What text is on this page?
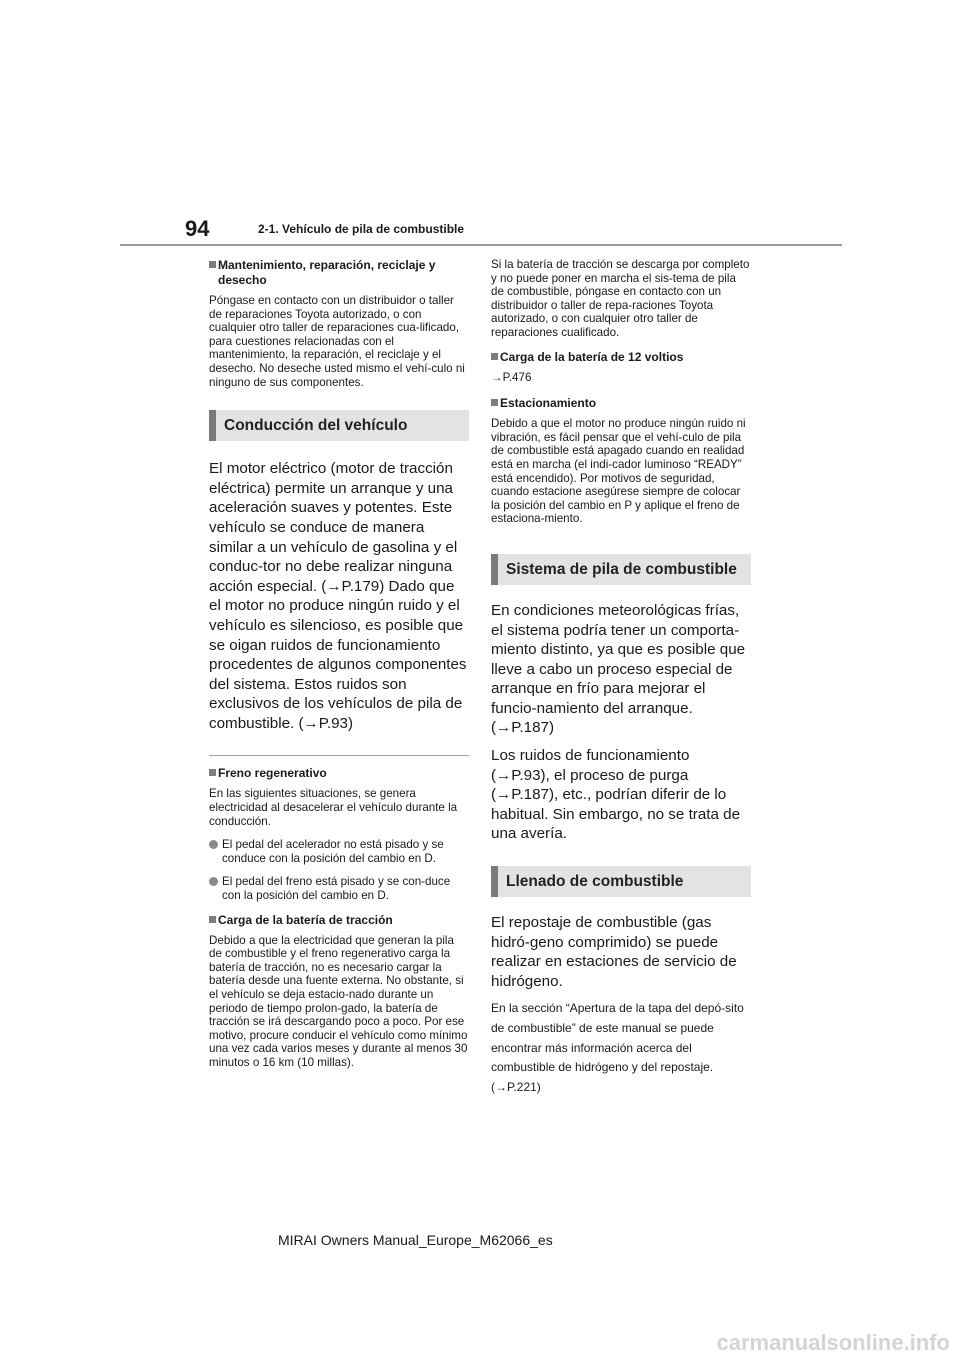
94	2-1. Vehículo de pila de combustible
Mantenimiento, reparación, reciclaje y desecho

Póngase en contacto con un distribuidor o taller de reparaciones Toyota autorizado, o con cualquier otro taller de reparaciones cua-lificado, para cuestiones relacionadas con el mantenimiento, la reparación, el reciclaje y el desecho. No deseche usted mismo el vehí-culo ni ninguno de sus componentes.

Conducción del vehículo

El motor eléctrico (motor de tracción eléctrica) permite un arranque y una aceleración suaves y potentes. Este vehículo se conduce de manera similar a un vehículo de gasolina y el conduc-tor no debe realizar ninguna acción especial. (→P.179) Dado que el motor no produce ningún ruido y el vehículo es silencioso, es posible que se oigan ruidos de funcionamiento procedentes de algunos componentes del sistema. Estos ruidos son exclusivos de los vehículos de pila de combustible. (→P.93)

Freno regenerativo

En las siguientes situaciones, se genera electricidad al desacelerar el vehículo durante la conducción.

El pedal del acelerador no está pisado y se conduce con la posición del cambio en D.
El pedal del freno está pisado y se con-duce con la posición del cambio en D.
Carga de la batería de tracción

Debido a que la electricidad que generan la pila de combustible y el freno regenerativo carga la batería de tracción, no es necesario cargar la batería desde una fuente externa. No obstante, si el vehículo se deja estacio-nado durante un periodo de tiempo prolon-gado, la batería de tracción se irá descargando poco a poco. Por ese motivo, procure conducir el vehículo como mínimo una vez cada varios meses y durante al menos 30 minutos o 16 km (10 millas).

Si la batería de tracción se descarga por completo y no puede poner en marcha el sis-tema de pila de combustible, póngase en contacto con un distribuidor o taller de repa-raciones Toyota autorizado, o con cualquier otro taller de reparaciones cualificado.

Carga de la batería de 12 voltios

→P.476

Estacionamiento

Debido a que el motor no produce ningún ruido ni vibración, es fácil pensar que el vehí-culo de pila de combustible está apagado cuando en realidad está en marcha (el indi-cador luminoso “READY” está encendido). Por motivos de seguridad, cuando estacione asegúrese siempre de colocar la posición del cambio en P y aplique el freno de estaciona-miento.

Sistema de pila de combustible

En condiciones meteorológicas frías, el sistema podría tener un comporta-miento distinto, ya que es posible que lleve a cabo un proceso especial de arranque en frío para mejorar el funcio-namiento del arranque. (→P.187)

Los ruidos de funcionamiento (→P.93), el proceso de purga (→P.187), etc., podrían diferir de lo habitual. Sin embargo, no se trata de una avería.

Llenado de combustible

El repostaje de combustible (gas hidró-geno comprimido) se puede realizar en estaciones de servicio de hidrógeno.

En la sección “Apertura de la tapa del depó-sito de combustible” de este manual se puede encontrar más información acerca del combustible de hidrógeno y del repostaje. (→P.221)

MIRAI Owners Manual_Europe_M62066_es
carmanualsonline.info
